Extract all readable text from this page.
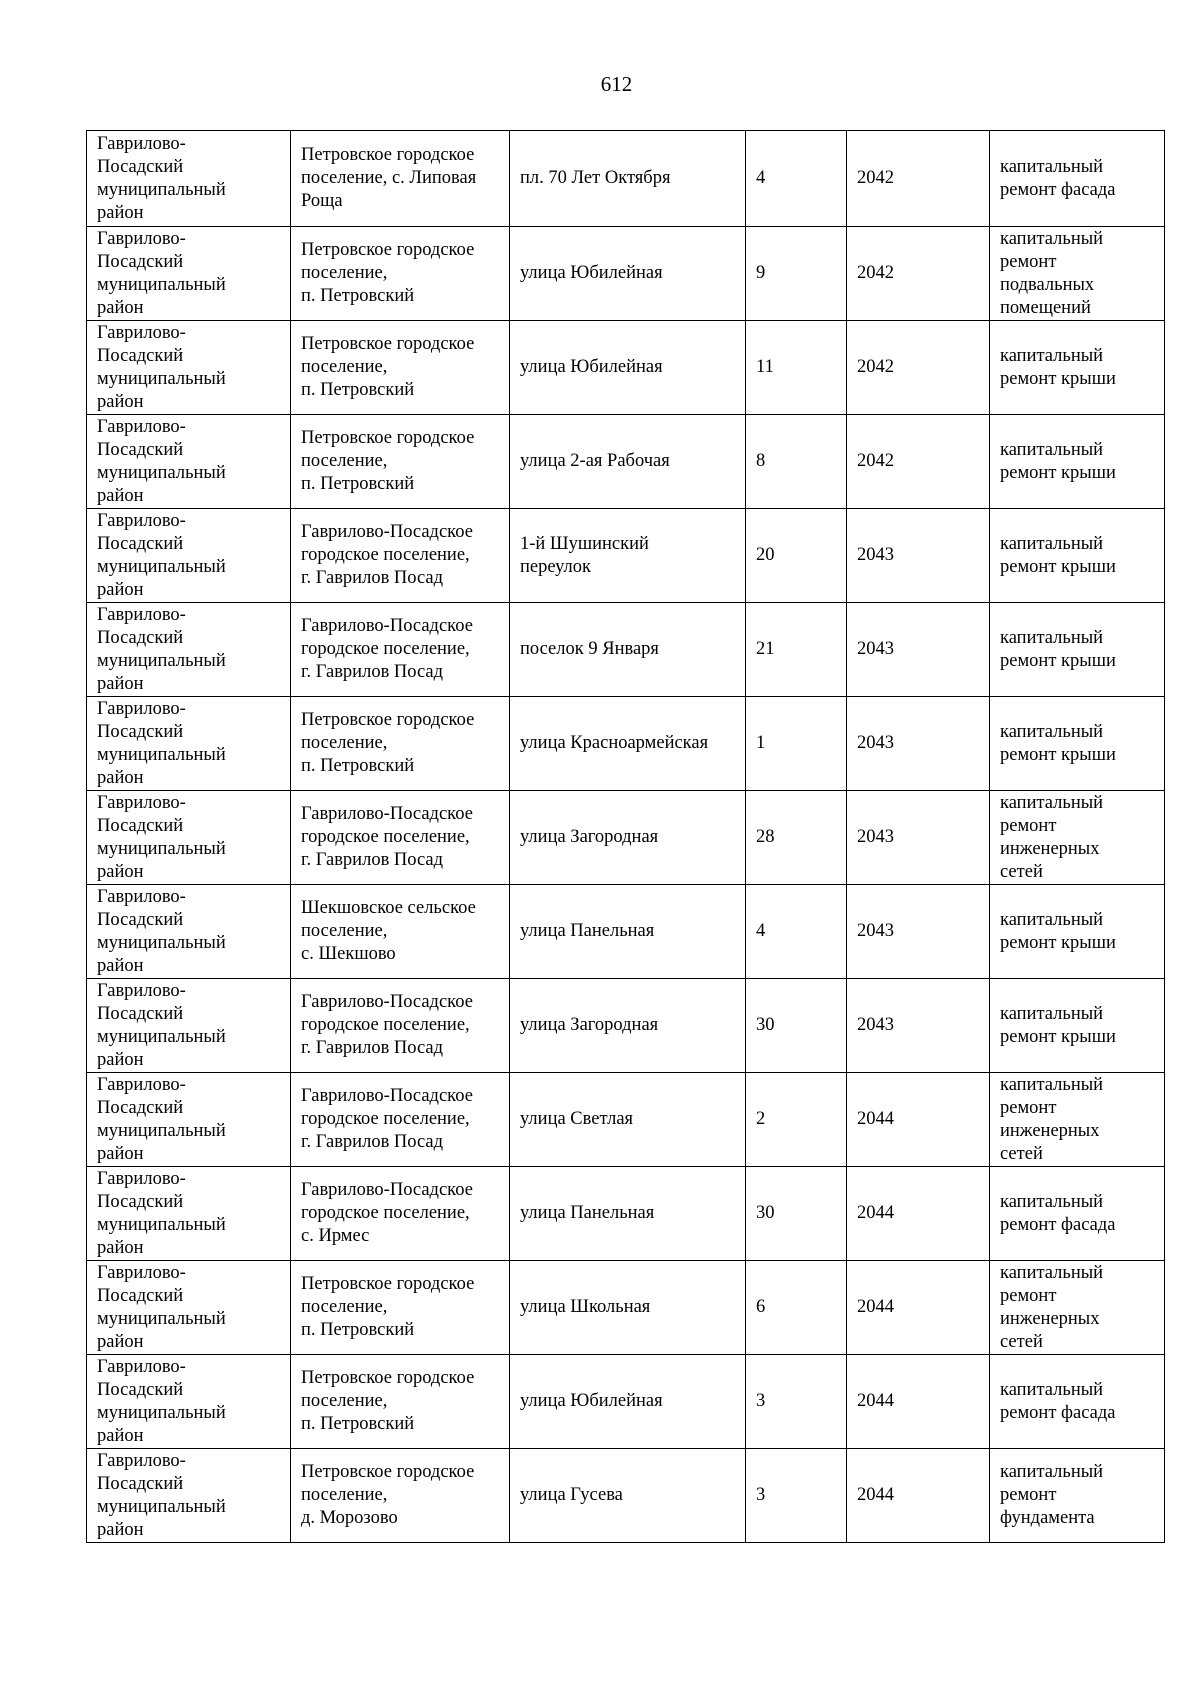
612
Гаврилово-
Посадский
муниципальный
район	Петровское городское
поселение, с. Липовая
Роща	пл. 70 Лет Октября	4	2042	капитальный
ремонт фасада

Гаврилово-
Посадский
муниципальный
район	Петровское городское
поселение,
п. Петровский	улица Юбилейная	9	2042	капитальный
ремонт
подвальных
помещений

Гаврилово-
Посадский
муниципальный
район	Петровское городское
поселение,
п. Петровский	улица Юбилейная	11	2042	капитальный
ремонт крыши

Гаврилово-
Посадский
муниципальный
район	Петровское городское
поселение,
п. Петровский	улица 2-ая Рабочая	8	2042	капитальный
ремонт крыши

Гаврилово-
Посадский
муниципальный
район	Гаврилово-Посадское
городское поселение,
г. Гаврилов Посад	1-й Шушинский
переулок	20	2043	капитальный
ремонт крыши

Гаврилово-
Посадский
муниципальный
район	Гаврилово-Посадское
городское поселение,
г. Гаврилов Посад	поселок 9 Января	21	2043	капитальный
ремонт крыши

Гаврилово-
Посадский
муниципальный
район	Петровское городское
поселение,
п. Петровский	улица Красноармейская	1	2043	капитальный
ремонт крыши

Гаврилово-
Посадский
муниципальный
район	Гаврилово-Посадское
городское поселение,
г. Гаврилов Посад	улица Загородная	28	2043	капитальный
ремонт
инженерных
сетей

Гаврилово-
Посадский
муниципальный
район	Шекшовское сельское
поселение,
с. Шекшово	улица Панельная	4	2043	капитальный
ремонт крыши

Гаврилово-
Посадский
муниципальный
район	Гаврилово-Посадское
городское поселение,
г. Гаврилов Посад	улица Загородная	30	2043	капитальный
ремонт крыши

Гаврилово-
Посадский
муниципальный
район	Гаврилово-Посадское
городское поселение,
г. Гаврилов Посад	улица Светлая	2	2044	капитальный
ремонт
инженерных
сетей

Гаврилово-
Посадский
муниципальный
район	Гаврилово-Посадское
городское поселение,
с. Ирмес	улица Панельная	30	2044	капитальный
ремонт фасада

Гаврилово-
Посадский
муниципальный
район	Петровское городское
поселение,
п. Петровский	улица Школьная	6	2044	капитальный
ремонт
инженерных
сетей

Гаврилово-
Посадский
муниципальный
район	Петровское городское
поселение,
п. Петровский	улица Юбилейная	3	2044	капитальный
ремонт фасада

Гаврилово-
Посадский
муниципальный
район	Петровское городское
поселение,
д. Морозово	улица Гусева	3	2044	капитальный
ремонт
фундамента
